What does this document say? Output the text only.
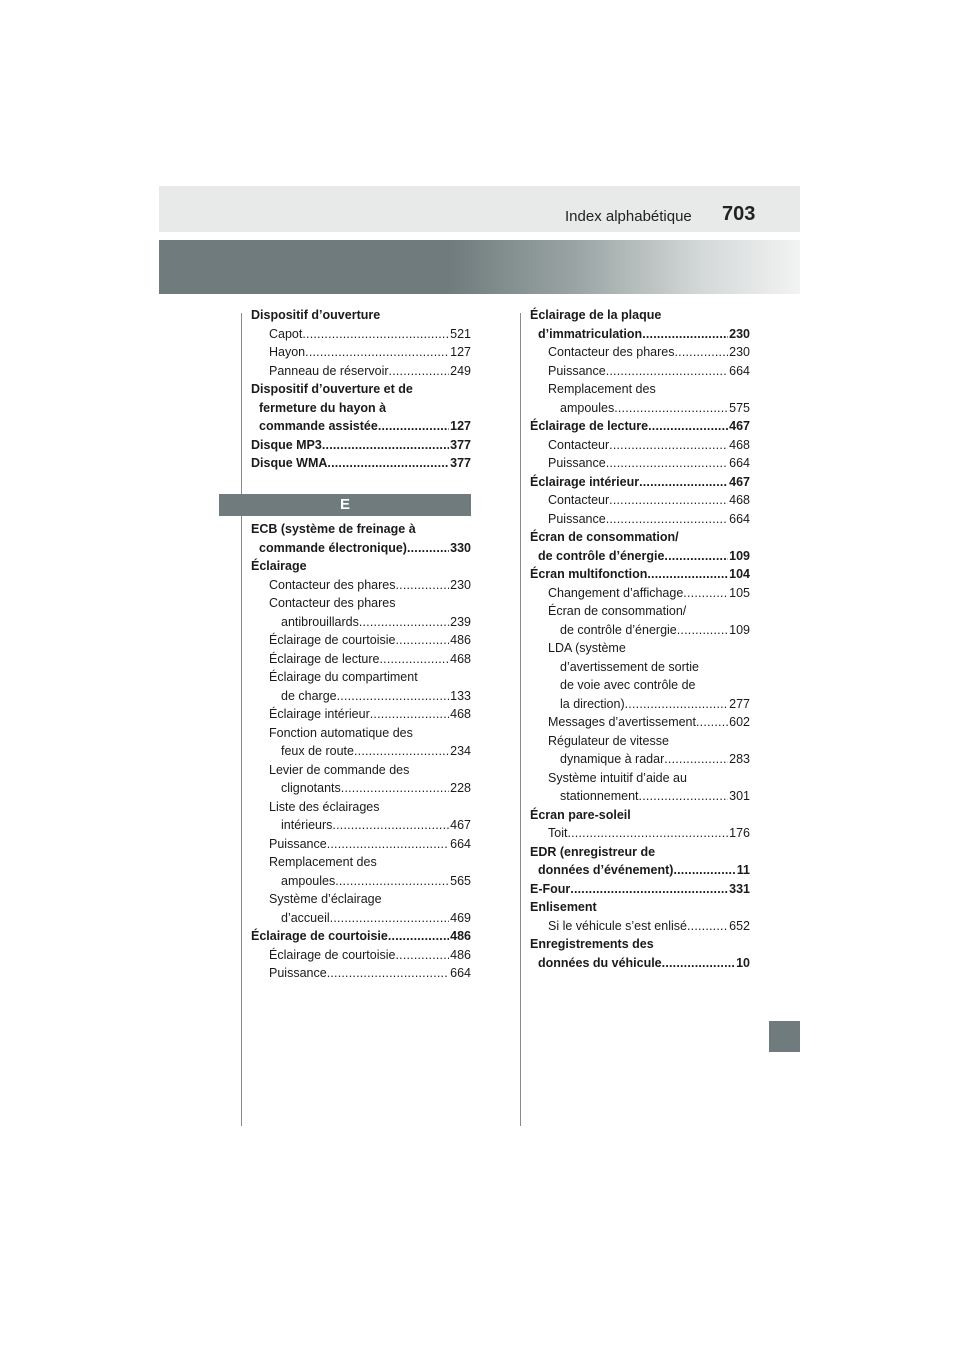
Index alphabétique 703
Dispositif d’ouverture
Capot .....	521
Hayon .....	127
Panneau de réservoir .....	249
Dispositif d’ouverture et de
fermeture du hayon à
commande assistée .....	127
Disque MP3 .....	377
Disque WMA .....	377
E
ECB (système de freinage à
commande électronique) .....	330
Éclairage
Contacteur des phares .....	230
Contacteur des phares
antibrouillards .....	239
Éclairage de courtoisie .....	486
Éclairage de lecture .....	468
Éclairage du compartiment
de charge .....	133
Éclairage intérieur .....	468
Fonction automatique des
feux de route .....	234
Levier de commande des
clignotants .....	228
Liste des éclairages
intérieurs .....	467
Puissance .....	664
Remplacement des
ampoules .....	565
Système d’éclairage
d’accueil .....	469
Éclairage de courtoisie .....	486
Éclairage de courtoisie .....	486
Puissance .....	664
Éclairage de la plaque
d’immatriculation .....	230
Contacteur des phares .....	230
Puissance .....	664
Remplacement des
ampoules .....	575
Éclairage de lecture .....	467
Contacteur .....	468
Puissance .....	664
Éclairage intérieur .....	467
Contacteur .....	468
Puissance .....	664
Écran de consommation/
de contrôle d’énergie .....	109
Écran multifonction .....	104
Changement d’affichage .....	105
Écran de consommation/
de contrôle d’énergie .....	109
LDA (système
d’avertissement de sortie
de voie avec contrôle de
la direction) .....	277
Messages d’avertissement .....	602
Régulateur de vitesse
dynamique à radar .....	283
Système intuitif d’aide au
stationnement .....	301
Écran pare-soleil
Toit .....	176
EDR (enregistreur de
données d’événement) .....	11
E-Four .....	331
Enlisement
Si le véhicule s’est enlisé .....	652
Enregistrements des
données du véhicule .....	10
